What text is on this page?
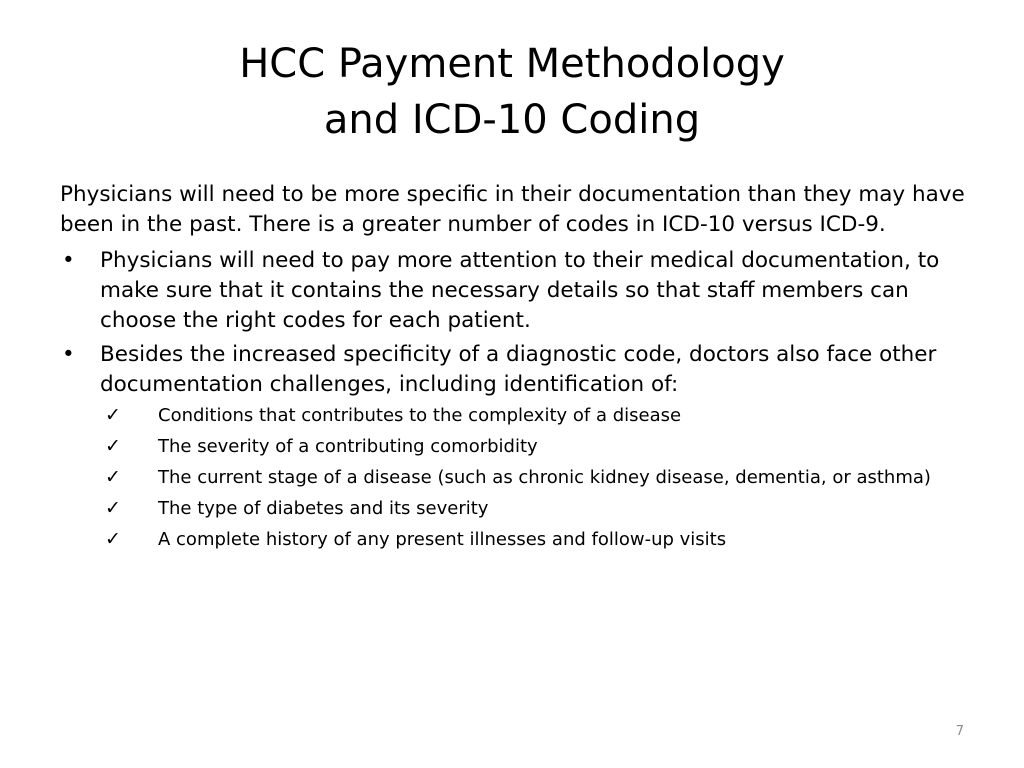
HCC Payment Methodology
and ICD-10 Coding

Physicians will need to be more specific in their documentation than they may have been in the past. There is a greater number of codes in ICD-10 versus ICD-9.

• Physicians will need to pay more attention to their medical documentation, to make sure that it contains the necessary details so that staff members can choose the right codes for each patient.
• Besides the increased specificity of a diagnostic code, doctors also face other documentation challenges, including identification of:
✓ Conditions that contributes to the complexity of a disease
✓ The severity of a contributing comorbidity
✓ The current stage of a disease (such as chronic kidney disease, dementia, or asthma)
✓ The type of diabetes and its severity
✓ A complete history of any present illnesses and follow-up visits
7
